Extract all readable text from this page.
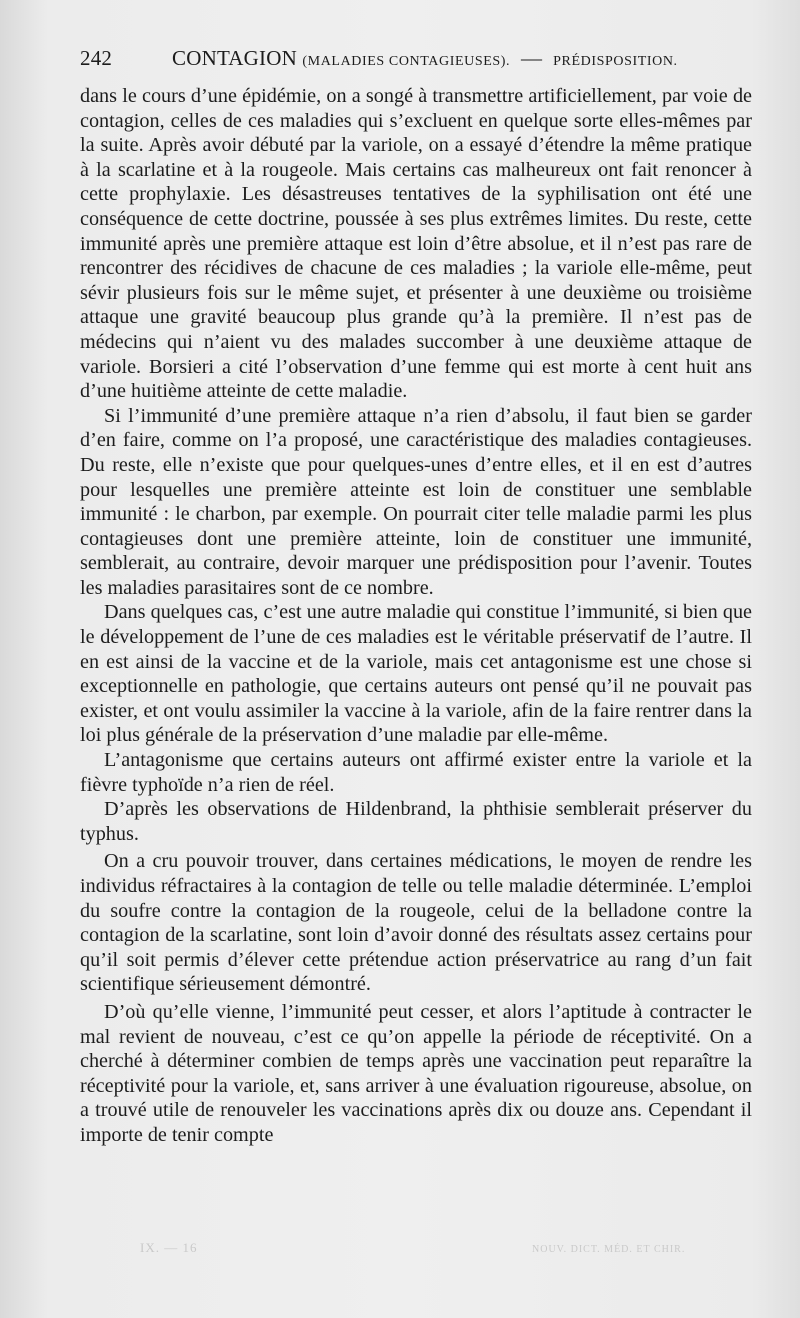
242	CONTAGION (MALADIES CONTAGIEUSES). — PRÉDISPOSITION.

dans le cours d’une épidémie, on a songé à transmettre artificiellement, par voie de contagion, celles de ces maladies qui s’excluent en quelque sorte elles-mêmes par la suite. Après avoir débuté par la variole, on a essayé d’étendre la même pratique à la scarlatine et à la rougeole. Mais certains cas malheureux ont fait renoncer à cette prophylaxie. Les désastreuses tentatives de la syphilisation ont été une conséquence de cette doctrine, poussée à ses plus extrêmes limites. Du reste, cette immunité après une première attaque est loin d’être absolue, et il n’est pas rare de rencontrer des récidives de chacune de ces maladies ; la variole elle-même, peut sévir plusieurs fois sur le même sujet, et présenter à une deuxième ou troisième attaque une gravité beaucoup plus grande qu’à la première. Il n’est pas de médecins qui n’aient vu des malades succomber à une deuxième attaque de variole. Borsieri a cité l’observation d’une femme qui est morte à cent huit ans d’une huitième atteinte de cette maladie.

Si l’immunité d’une première attaque n’a rien d’absolu, il faut bien se garder d’en faire, comme on l’a proposé, une caractéristique des maladies contagieuses. Du reste, elle n’existe que pour quelques-unes d’entre elles, et il en est d’autres pour lesquelles une première atteinte est loin de constituer une semblable immunité : le charbon, par exemple. On pourrait citer telle maladie parmi les plus contagieuses dont une première atteinte, loin de constituer une immunité, semblerait, au contraire, devoir marquer une prédisposition pour l’avenir. Toutes les maladies parasitaires sont de ce nombre.

Dans quelques cas, c’est une autre maladie qui constitue l’immunité, si bien que le développement de l’une de ces maladies est le véritable préservatif de l’autre. Il en est ainsi de la vaccine et de la variole, mais cet antagonisme est une chose si exceptionnelle en pathologie, que certains auteurs ont pensé qu’il ne pouvait pas exister, et ont voulu assimiler la vaccine à la variole, afin de la faire rentrer dans la loi plus générale de la préservation d’une maladie par elle-même.

L’antagonisme que certains auteurs ont affirmé exister entre la variole et la fièvre typhoïde n’a rien de réel.

D’après les observations de Hildenbrand, la phthisie semblerait préserver du typhus.

On a cru pouvoir trouver, dans certaines médications, le moyen de rendre les individus réfractaires à la contagion de telle ou telle maladie déterminée. L’emploi du soufre contre la contagion de la rougeole, celui de la belladone contre la contagion de la scarlatine, sont loin d’avoir donné des résultats assez certains pour qu’il soit permis d’élever cette prétendue action préservatrice au rang d’un fait scientifique sérieusement démontré.

D’où qu’elle vienne, l’immunité peut cesser, et alors l’aptitude à contracter le mal revient de nouveau, c’est ce qu’on appelle la période de réceptivité. On a cherché à déterminer combien de temps après une vaccination peut reparaître la réceptivité pour la variole, et, sans arriver à une évaluation rigoureuse, absolue, on a trouvé utile de renouveler les vaccinations après dix ou douze ans. Cependant il importe de tenir compte

IX. — 16	NOUV. DICT. MÉD. ET CHIR.
